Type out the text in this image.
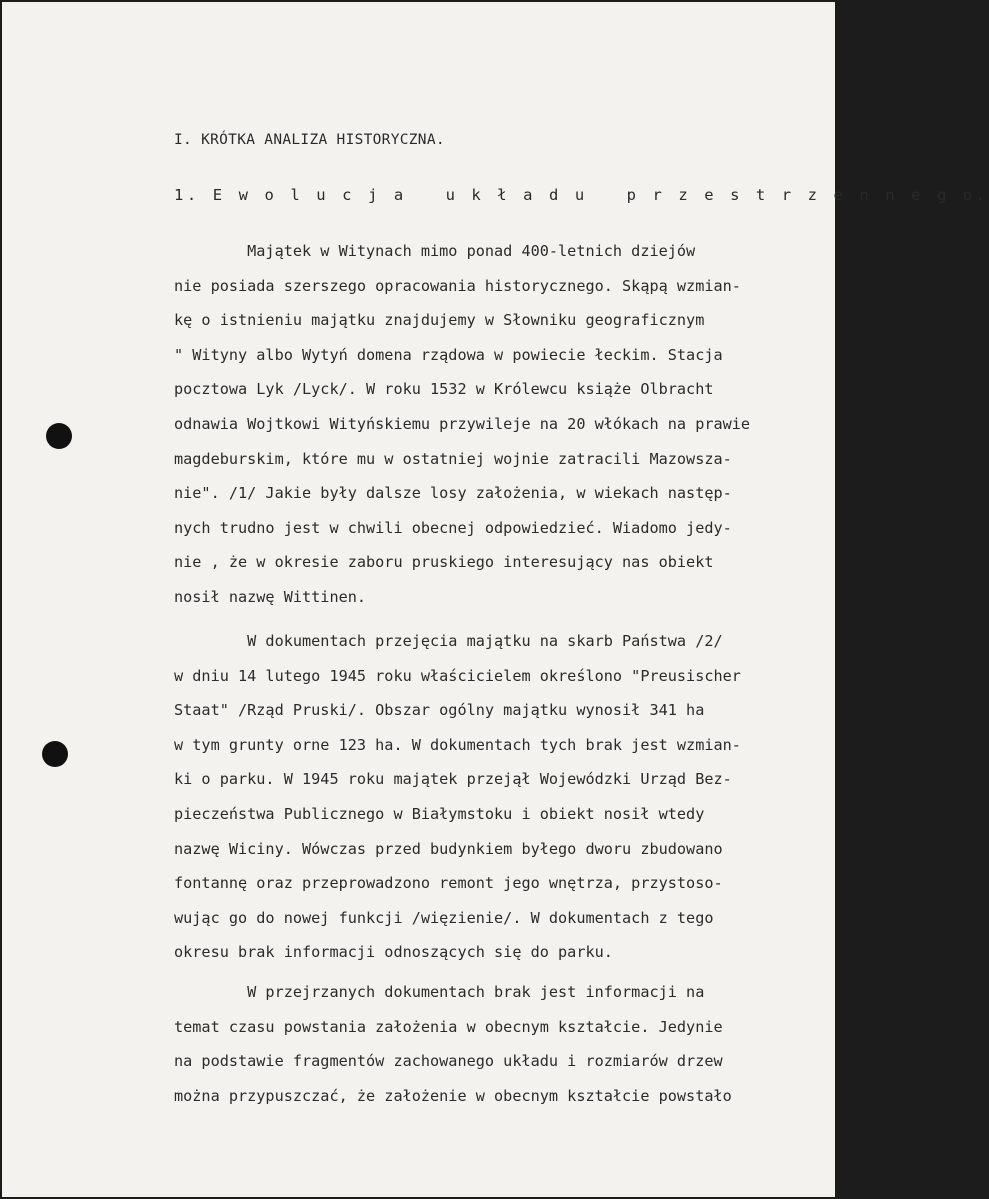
I. KRÓTKA ANALIZA HISTORYCZNA.
1. E w o l u c j a   u k ł a d u   p r z e s t r z e n n e g o.
Majątek w Witynach mimo ponad 400-letnich dziejów
nie posiada szerszego opracowania historycznego. Skąpą wzmian-
kę o istnieniu majątku znajdujemy w Słowniku geograficznym
" Wityny albo Wytyń domena rządowa w powiecie łeckim. Stacja
pocztowa Lyk /Lyck/. W roku 1532 w Królewcu książe Olbracht
odnawia Wojtkowi Wityńskiemu przywileje na 20 włókach na prawie
magdeburskim, które mu w ostatniej wojnie zatracili Mazowsza-
nie". /1/ Jakie były dalsze losy założenia, w wiekach następ-
nych trudno jest w chwili obecnej odpowiedzieć. Wiadomo jedy-
nie , że w okresie zaboru pruskiego interesujący nas obiekt
nosił nazwę Wittinen.
W dokumentach przejęcia majątku na skarb Państwa /2/
w dniu 14 lutego 1945 roku właścicielem określono "Preusischer
Staat" /Rząd Pruski/. Obszar ogólny majątku wynosił 341 ha
w tym grunty orne 123 ha. W dokumentach tych brak jest wzmian-
ki o parku. W 1945 roku majątek przejął Wojewódzki Urząd Bez-
pieczeństwa Publicznego w Białymstoku i obiekt nosił wtedy
nazwę Wiciny. Wówczas przed budynkiem byłego dworu zbudowano
fontannę oraz przeprowadzono remont jego wnętrza, przystoso-
wując go do nowej funkcji /więzienie/. W dokumentach z tego
okresu brak informacji odnoszących się do parku.
W przejrzanych dokumentach brak jest informacji na
temat czasu powstania założenia w obecnym kształcie. Jedynie
na podstawie fragmentów zachowanego układu i rozmiarów drzew
można przypuszczać, że założenie w obecnym kształcie powstało
